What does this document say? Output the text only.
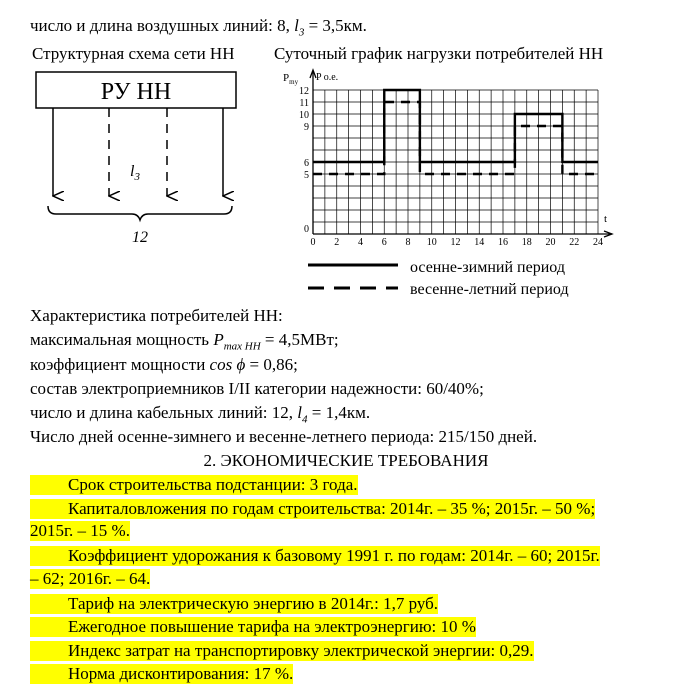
число и длина воздушных линий: 8, $l_3 = 3,5км$.
Структурная схема сети НН Суточный график нагрузки потребителей НН
РУ НН
$l_3$
12	0 2 4 6 8 10 12 14 16 18 20 22 24
0
5
6
9
10
11
12
$P_{my}$ P о.е.
t
осенне-зимний период
весенне-летний период
Характеристика потребителей НН:
максимальная мощность $P_{max НН} = 4,5МВт$;
коэффициент мощности cos ϕ = 0,86;
состав электроприемников I/II категории надежности: 60/40%;
число и длина кабельных линий: 12, $l_4 = 1,4км$.
Число дней осенне-зимнего и весенне-летнего периода: 215/150 дней.
2. ЭКОНОМИЧЕСКИЕ ТРЕБОВАНИЯ
Срок строительства подстанции: 3 года.
Капиталовложения по годам строительства: 2014г. – 35 %; 2015г. – 50 %;
2015г. – 15 %.
Коэффициент удорожания к базовому 1991 г. по годам: 2014г. – 60; 2015г.
– 62; 2016г. – 64.
Тариф на электрическую энергию в 2014г.: 1,7 руб.
Ежегодное повышение тарифа на электроэнергию: 10 %
Индекс затрат на транспортировку электрической энергии: 0,29.
Норма дисконтирования: 17 %.
